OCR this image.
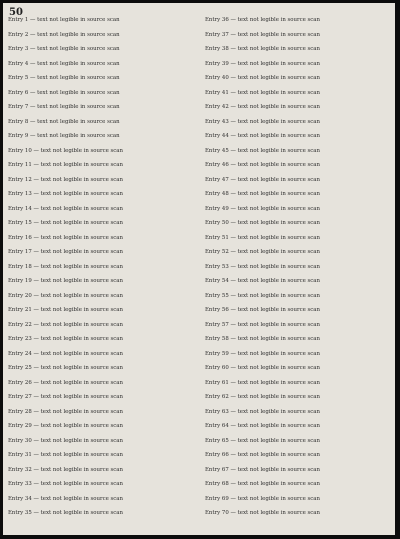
50
Entry 1 — text not legible in source scan
Entry 2 — text not legible in source scan
Entry 3 — text not legible in source scan
Entry 4 — text not legible in source scan
Entry 5 — text not legible in source scan
Entry 6 — text not legible in source scan
Entry 7 — text not legible in source scan
Entry 8 — text not legible in source scan
Entry 9 — text not legible in source scan
Entry 10 — text not legible in source scan
Entry 11 — text not legible in source scan
Entry 12 — text not legible in source scan
Entry 13 — text not legible in source scan
Entry 14 — text not legible in source scan
Entry 15 — text not legible in source scan
Entry 16 — text not legible in source scan
Entry 17 — text not legible in source scan
Entry 18 — text not legible in source scan
Entry 19 — text not legible in source scan
Entry 20 — text not legible in source scan
Entry 21 — text not legible in source scan
Entry 22 — text not legible in source scan
Entry 23 — text not legible in source scan
Entry 24 — text not legible in source scan
Entry 25 — text not legible in source scan
Entry 26 — text not legible in source scan
Entry 27 — text not legible in source scan
Entry 28 — text not legible in source scan
Entry 29 — text not legible in source scan
Entry 30 — text not legible in source scan
Entry 31 — text not legible in source scan
Entry 32 — text not legible in source scan
Entry 33 — text not legible in source scan
Entry 34 — text not legible in source scan
Entry 35 — text not legible in source scan
Entry 36 — text not legible in source scan
Entry 37 — text not legible in source scan
Entry 38 — text not legible in source scan
Entry 39 — text not legible in source scan
Entry 40 — text not legible in source scan
Entry 41 — text not legible in source scan
Entry 42 — text not legible in source scan
Entry 43 — text not legible in source scan
Entry 44 — text not legible in source scan
Entry 45 — text not legible in source scan
Entry 46 — text not legible in source scan
Entry 47 — text not legible in source scan
Entry 48 — text not legible in source scan
Entry 49 — text not legible in source scan
Entry 50 — text not legible in source scan
Entry 51 — text not legible in source scan
Entry 52 — text not legible in source scan
Entry 53 — text not legible in source scan
Entry 54 — text not legible in source scan
Entry 55 — text not legible in source scan
Entry 56 — text not legible in source scan
Entry 57 — text not legible in source scan
Entry 58 — text not legible in source scan
Entry 59 — text not legible in source scan
Entry 60 — text not legible in source scan
Entry 61 — text not legible in source scan
Entry 62 — text not legible in source scan
Entry 63 — text not legible in source scan
Entry 64 — text not legible in source scan
Entry 65 — text not legible in source scan
Entry 66 — text not legible in source scan
Entry 67 — text not legible in source scan
Entry 68 — text not legible in source scan
Entry 69 — text not legible in source scan
Entry 70 — text not legible in source scan
